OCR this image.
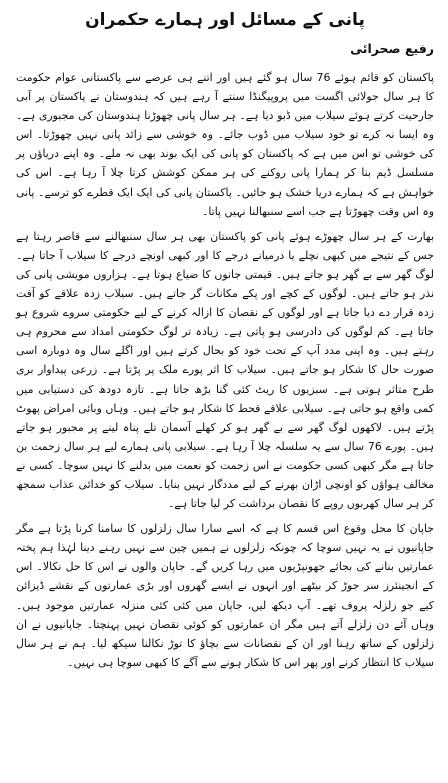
پانی کے مسائل اور ہمارے حکمران
رفیع صحرائی

پاکستان کو قائم ہوئے 76 سال ہو گئے ہیں اور اتنے ہی عرصے سے پاکستانی عوام حکومت کا ہر سال جولائی اگست میں پروپیگنڈا سنتے آ رہے ہیں کہ ہندوستان نے پاکستان پر آبی جارحیت کرتے ہوئے سیلاب میں ڈبو دیا ہے۔ ہر سال پانی چھوڑنا ہندوستان کی مجبوری ہے۔ وہ ایسا نہ کرے تو خود سیلاب میں ڈوب جائے۔ وہ خوشی سے زائد پانی نہیں چھوڑتا۔ اس کی خوشی تو اس میں ہے کہ پاکستان کو پانی کی ایک بوند بھی نہ ملے۔ وہ اپنے دریاؤں پر مسلسل ڈیم بنا کر ہمارا پانی روکنے کی ہر ممکن کوشش کرتا چلا آ رہا ہے۔ اس کی خواہش ہے کہ ہمارے دریا خشک ہو جائیں۔ پاکستان پانی کی ایک ایک قطرے کو ترسے۔ پانی وہ اس وقت چھوڑتا ہے جب اسے سنبھالنا نہیں پاتا۔

بھارت کے ہر سال چھوڑے ہوئے پانی کو پاکستان بھی ہر سال سنبھالنے سے قاصر رہتا ہے جس کے نتیجے میں کبھی نچلے یا درمیانے درجے کا اور کبھی اونچے درجے کا سیلاب آ جاتا ہے۔ لوگ گھر سے بے گھر ہو جاتے ہیں۔ قیمتی جانوں کا ضیاع ہوتا ہے۔ ہزاروں مویشی پانی کی نذر ہو جاتے ہیں۔ لوگوں کے کچے اور پکے مکانات گر جاتے ہیں۔ سیلاب زدہ علاقے کو آفت زدہ قرار دے دیا جاتا ہے اور لوگوں کے نقصان کا ازالہ کرنے کے لیے حکومتی سروے شروع ہو جاتا ہے۔ کم لوگوں کی دادرسی ہو پاتی ہے۔ زیادہ تر لوگ حکومتی امداد سے محروم ہی رہتے ہیں۔ وہ اپنی مدد آپ کے تحت خود کو بحال کرتے ہیں اور اگلے سال وہ دوبارہ اسی صورت حال کا شکار ہو جاتے ہیں۔ سیلاب کا اثر پورے ملک پر پڑتا ہے۔ زرعی پیداوار بری طرح متاثر ہوتی ہے۔ سبزیوں کا ریٹ کئی گنا بڑھ جاتا ہے۔ تازہ دودھ کی دستیابی میں کمی واقع ہو جاتی ہے۔ سیلابی علاقے قحط کا شکار ہو جاتے ہیں۔ وہاں وبائی امراض پھوٹ پڑتے ہیں۔ لاکھوں لوگ گھر سے بے گھر ہو کر کھلے آسمان تلے پناہ لینے پر مجبور ہو جاتے ہیں۔ پورے 76 سال سے یہ سلسلہ چلا آ رہا ہے۔ سیلابی پانی ہمارے لیے ہر سال زحمت بن جاتا ہے مگر کبھی کسی حکومت نے اس زحمت کو نعمت میں بدلنے کا نہیں سوچا۔ کسی نے مخالف ہواؤں کو اونچی اڑان بھرنے کے لیے مددگار نہیں بنایا۔ سیلاب کو خدائی عذاب سمجھ کر ہر سال کھربوں روپے کا نقصان برداشت کر لیا جاتا ہے۔

جاپان کا محل وقوع اس قسم کا ہے کہ اسے سارا سال زلزلوں کا سامنا کرنا پڑتا ہے مگر جاپانیوں نے یہ نہیں سوچا کہ چونکہ زلزلوں نے ہمیں چین سے نہیں رہنے دینا لہٰذا ہم پختہ عمارتیں بنانے کی بجائے جھونپڑیوں میں رہا کریں گے۔ جاپان والوں نے اس کا حل نکالا۔ اس کے انجینئرز سر جوڑ کر بیٹھے اور انہوں نے ایسے گھروں اور بڑی عمارتوں کے نقشے ڈیزائن کیے جو زلزلہ پروف تھے۔ آپ دیکھ لیں، جاپان میں کئی کئی منزلہ عمارتیں موجود ہیں۔ وہاں آئے دن زلزلے آتے ہیں مگر ان عمارتوں کو کوئی نقصان نہیں پہنچتا۔ جاپانیوں نے ان زلزلوں کے ساتھ رہنا اور ان کے نقصانات سے بچاؤ کا توڑ نکالنا سیکھ لیا۔ ہم نے ہر سال سیلاب کا انتظار کرنے اور پھر اس کا شکار ہونے سے آگے کا کبھی سوچا ہی نہیں۔
